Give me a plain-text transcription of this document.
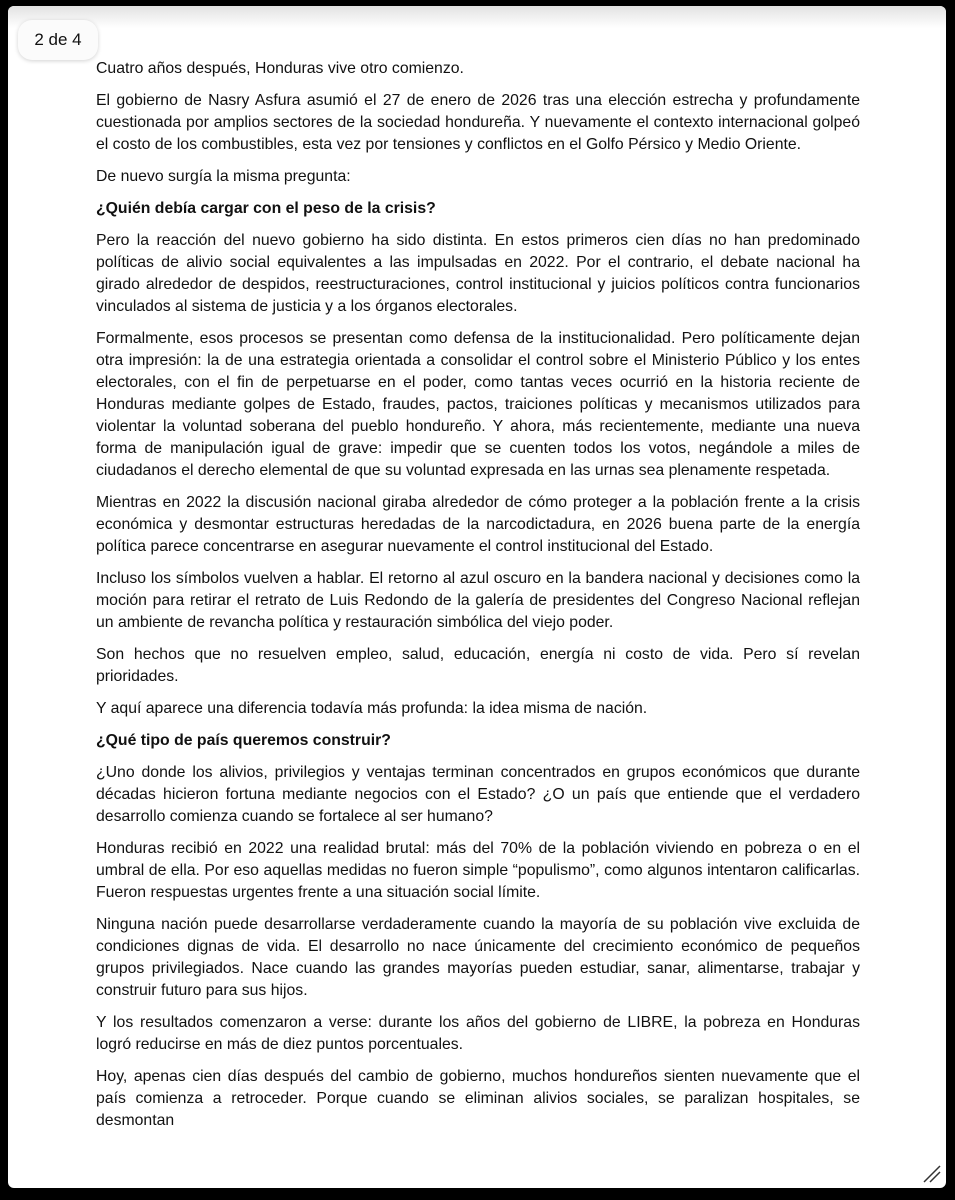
2 de 4

Cuatro años después, Honduras vive otro comienzo.

El gobierno de Nasry Asfura asumió el 27 de enero de 2026 tras una elección estrecha y profundamente cuestionada por amplios sectores de la sociedad hondureña. Y nuevamente el contexto internacional golpeó el costo de los combustibles, esta vez por tensiones y conflictos en el Golfo Pérsico y Medio Oriente.

De nuevo surgía la misma pregunta:

¿Quién debía cargar con el peso de la crisis?

Pero la reacción del nuevo gobierno ha sido distinta. En estos primeros cien días no han predominado políticas de alivio social equivalentes a las impulsadas en 2022. Por el contrario, el debate nacional ha girado alrededor de despidos, reestructuraciones, control institucional y juicios políticos contra funcionarios vinculados al sistema de justicia y a los órganos electorales.

Formalmente, esos procesos se presentan como defensa de la institucionalidad. Pero políticamente dejan otra impresión: la de una estrategia orientada a consolidar el control sobre el Ministerio Público y los entes electorales, con el fin de perpetuarse en el poder, como tantas veces ocurrió en la historia reciente de Honduras mediante golpes de Estado, fraudes, pactos, traiciones políticas y mecanismos utilizados para violentar la voluntad soberana del pueblo hondureño. Y ahora, más recientemente, mediante una nueva forma de manipulación igual de grave: impedir que se cuenten todos los votos, negándole a miles de ciudadanos el derecho elemental de que su voluntad expresada en las urnas sea plenamente respetada.

Mientras en 2022 la discusión nacional giraba alrededor de cómo proteger a la población frente a la crisis económica y desmontar estructuras heredadas de la narcodictadura, en 2026 buena parte de la energía política parece concentrarse en asegurar nuevamente el control institucional del Estado.

Incluso los símbolos vuelven a hablar. El retorno al azul oscuro en la bandera nacional y decisiones como la moción para retirar el retrato de Luis Redondo de la galería de presidentes del Congreso Nacional reflejan un ambiente de revancha política y restauración simbólica del viejo poder.

Son hechos que no resuelven empleo, salud, educación, energía ni costo de vida. Pero sí revelan prioridades.

Y aquí aparece una diferencia todavía más profunda: la idea misma de nación.

¿Qué tipo de país queremos construir?

¿Uno donde los alivios, privilegios y ventajas terminan concentrados en grupos económicos que durante décadas hicieron fortuna mediante negocios con el Estado? ¿O un país que entiende que el verdadero desarrollo comienza cuando se fortalece al ser humano?

Honduras recibió en 2022 una realidad brutal: más del 70% de la población viviendo en pobreza o en el umbral de ella. Por eso aquellas medidas no fueron simple “populismo”, como algunos intentaron calificarlas. Fueron respuestas urgentes frente a una situación social límite.

Ninguna nación puede desarrollarse verdaderamente cuando la mayoría de su población vive excluida de condiciones dignas de vida. El desarrollo no nace únicamente del crecimiento económico de pequeños grupos privilegiados. Nace cuando las grandes mayorías pueden estudiar, sanar, alimentarse, trabajar y construir futuro para sus hijos.

Y los resultados comenzaron a verse: durante los años del gobierno de LIBRE, la pobreza en Honduras logró reducirse en más de diez puntos porcentuales.

Hoy, apenas cien días después del cambio de gobierno, muchos hondureños sienten nuevamente que el país comienza a retroceder. Porque cuando se eliminan alivios sociales, se paralizan hospitales, se desmontan
